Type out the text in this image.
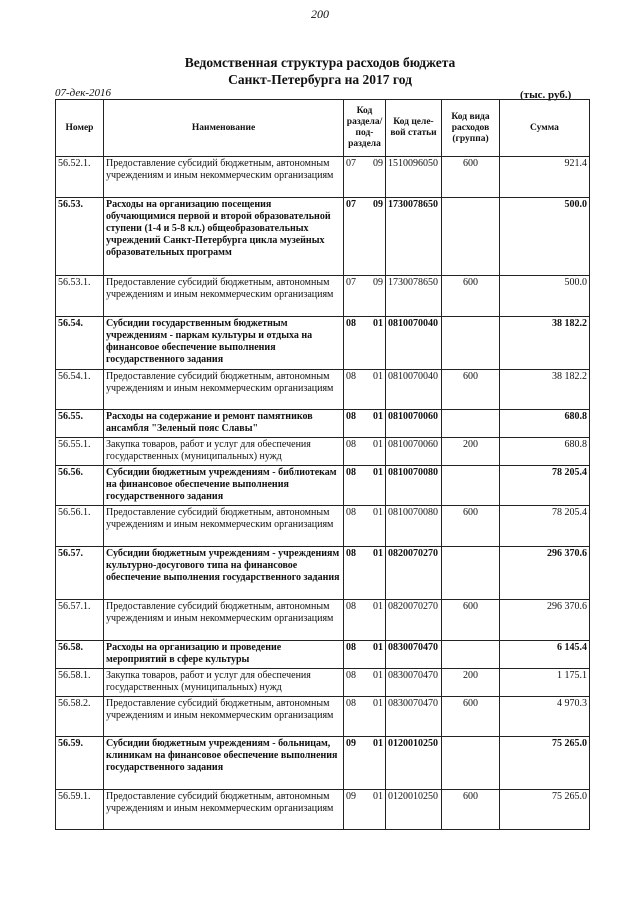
200
Ведомственная структура расходов бюджета
Санкт-Петербурга на 2017 год
07-дек-2016	(тыс. руб.)
Номер	Наименование	Код раздела/ под-раздела	Код целе-вой статьи	Код вида расходов (группа)	Сумма
56.52.1.	Предоставление субсидий бюджетным, автономным учреждениям и иным некоммерческим организациям	07 09	1510096050	600	921.4
56.53.	Расходы на организацию посещения обучающимися первой и второй образовательной ступени (1-4 и 5-8 кл.) общеобразовательных учреждений Санкт-Петербурга цикла музейных образовательных программ	07 09	1730078650		500.0
56.53.1.	Предоставление субсидий бюджетным, автономным учреждениям и иным некоммерческим организациям	07 09	1730078650	600	500.0
56.54.	Субсидии государственным бюджетным учреждениям - паркам культуры и отдыха на финансовое обеспечение выполнения государственного задания	08 01	0810070040		38 182.2
56.54.1.	Предоставление субсидий бюджетным, автономным учреждениям и иным некоммерческим организациям	08 01	0810070040	600	38 182.2
56.55.	Расходы на содержание и ремонт памятников ансамбля "Зеленый пояс Славы"	08 01	0810070060		680.8
56.55.1.	Закупка товаров, работ и услуг для обеспечения государственных (муниципальных) нужд	08 01	0810070060	200	680.8
56.56.	Субсидии бюджетным учреждениям - библиотекам на финансовое обеспечение выполнения государственного задания	08 01	0810070080		78 205.4
56.56.1.	Предоставление субсидий бюджетным, автономным учреждениям и иным некоммерческим организациям	08 01	0810070080	600	78 205.4
56.57.	Субсидии бюджетным учреждениям - учреждениям культурно-досугового типа на финансовое обеспечение выполнения государственного задания	08 01	0820070270		296 370.6
56.57.1.	Предоставление субсидий бюджетным, автономным учреждениям и иным некоммерческим организациям	08 01	0820070270	600	296 370.6
56.58.	Расходы на организацию и проведение мероприятий в сфере культуры	08 01	0830070470		6 145.4
56.58.1.	Закупка товаров, работ и услуг для обеспечения государственных (муниципальных) нужд	08 01	0830070470	200	1 175.1
56.58.2.	Предоставление субсидий бюджетным, автономным учреждениям и иным некоммерческим организациям	08 01	0830070470	600	4 970.3
56.59.	Субсидии бюджетным учреждениям - больницам, клиникам на финансовое обеспечение выполнения государственного задания	09 01	0120010250		75 265.0
56.59.1.	Предоставление субсидий бюджетным, автономным учреждениям и иным некоммерческим организациям	09 01	0120010250	600	75 265.0
